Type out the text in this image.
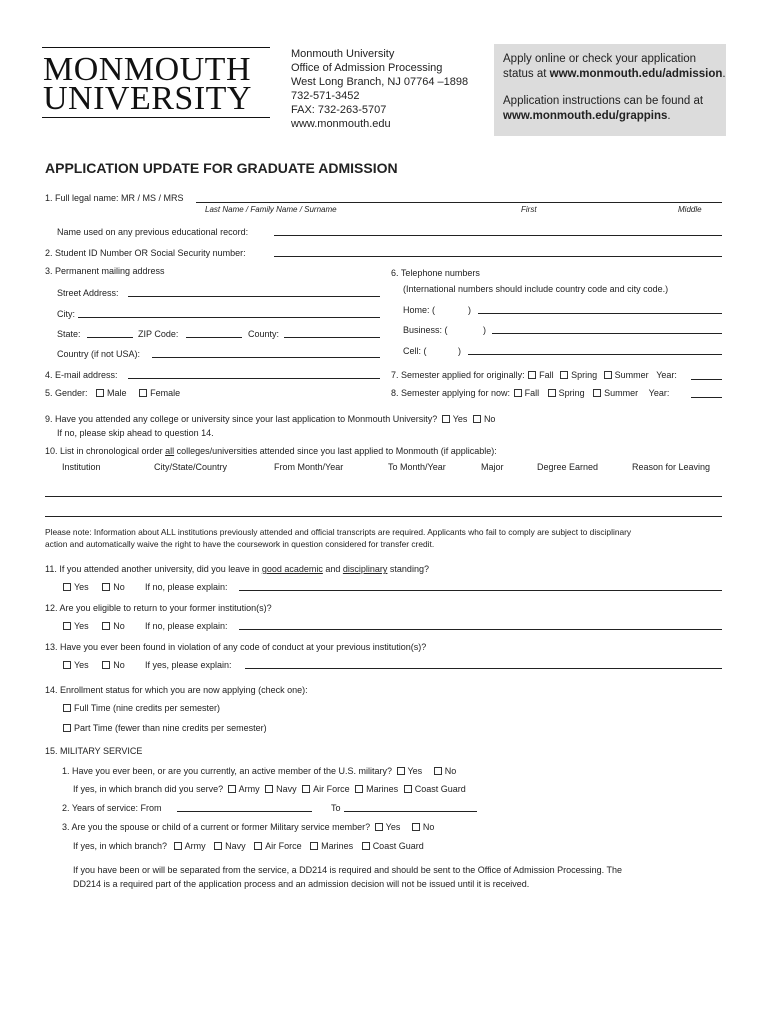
MONMOUTH
UNIVERSITY
Monmouth University
Office of Admission Processing
West Long Branch, NJ 07764 –1898
732-571-3452
FAX: 732-263-5707
www.monmouth.edu
Apply online or check your application
status at www.monmouth.edu/admission.
Application instructions can be found at
www.monmouth.edu/grappins.
APPLICATION UPDATE FOR GRADUATE ADMISSION
1. Full legal name: MR / MS / MRS
Last Name / Family Name / Surname	First	Middle
Name used on any previous educational record:
2. Student ID Number OR Social Security number:
3. Permanent mailing address
Street Address:
City:
State:	ZIP Code:	County:
Country (if not USA):
6. Telephone numbers
(International numbers should include country code and city code.)
Home: (	)
Business: (	)
Cell: (	)
4. E-mail address:	7. Semester applied for originally: Fall Spring Summer Year:
5. Gender: Male	Female	8. Semester applying for now: Fall Spring Summer Year:
9. Have you attended any college or university since your last application to Monmouth University? Yes No
If no, please skip ahead to question 14.
10. List in chronological order all colleges/universities attended since you last applied to Monmouth (if applicable):
Institution	City/State/Country	From Month/Year	To Month/Year	Major	Degree Earned	Reason for Leaving
Please note: Information about ALL institutions previously attended and official transcripts are required. Applicants who fail to comply are subject to disciplinary
action and automatically waive the right to have the coursework in question considered for transfer credit.
11. If you attended another university, did you leave in good academic and disciplinary standing?
Yes	No If no, please explain:
12. Are you eligible to return to your former institution(s)?
Yes	No If no, please explain:
13. Have you ever been found in violation of any code of conduct at your previous institution(s)?
Yes	No If yes, please explain:
14. Enrollment status for which you are now applying (check one):
Full Time (nine credits per semester)
Part Time (fewer than nine credits per semester)
15. MILITARY SERVICE
1. Have you ever been, or are you currently, an active member of the U.S. military? Yes	No
If yes, in which branch did you serve? Army Navy Air Force Marines Coast Guard
2. Years of service: From	To
3. Are you the spouse or child of a current or former Military service member? Yes	No
If yes, in which branch? Army Navy Air Force Marines Coast Guard
If you have been or will be separated from the service, a DD214 is required and should be sent to the Office of Admission Processing. The
DD214 is a required part of the application process and an admission decision will not be issued until it is received.
